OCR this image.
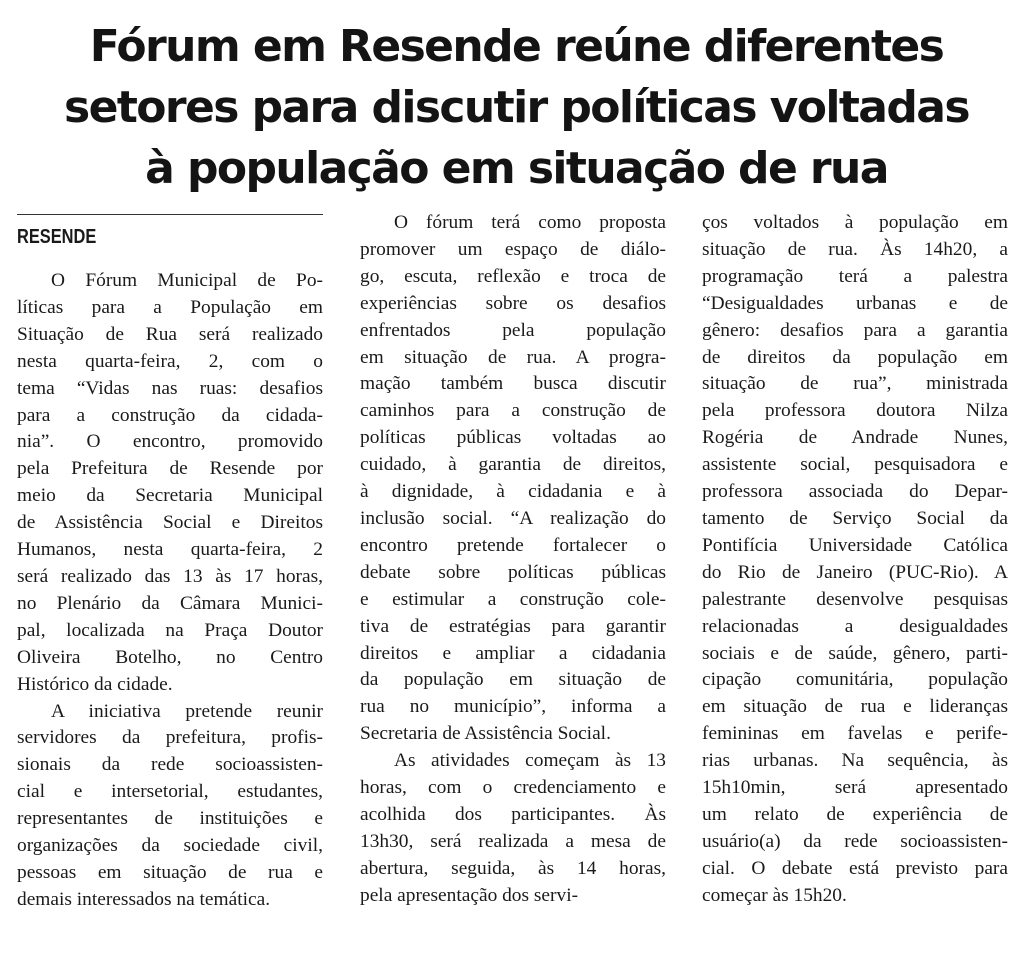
Fórum em Resende reúne diferentes
setores para discutir políticas voltadas
à população em situação de rua
RESENDE

O Fórum Municipal de Po-
líticas para a População em
Situação de Rua será realizado
nesta quarta-feira, 2, com o
tema “Vidas nas ruas: desafios
para a construção da cidada-
nia”. O encontro, promovido
pela Prefeitura de Resende por
meio da Secretaria Municipal
de Assistência Social e Direitos
Humanos, nesta quarta-feira, 2
será realizado das 13 às 17 horas,
no Plenário da Câmara Munici-
pal, localizada na Praça Doutor
Oliveira Botelho, no Centro
Histórico da cidade.

A iniciativa pretende reunir
servidores da prefeitura, profis-
sionais da rede socioassisten-
cial e intersetorial, estudantes,
representantes de instituições e
organizações da sociedade civil,
pessoas em situação de rua e
demais interessados na temática.

O fórum terá como proposta
promover um espaço de diálo-
go, escuta, reflexão e troca de
experiências sobre os desafios
enfrentados pela população
em situação de rua. A progra-
mação também busca discutir
caminhos para a construção de
políticas públicas voltadas ao
cuidado, à garantia de direitos,
à dignidade, à cidadania e à
inclusão social. “A realização do
encontro pretende fortalecer o
debate sobre políticas públicas
e estimular a construção cole-
tiva de estratégias para garantir
direitos e ampliar a cidadania
da população em situação de
rua no município”, informa a
Secretaria de Assistência Social.

As atividades começam às 13
horas, com o credenciamento e
acolhida dos participantes. Às
13h30, será realizada a mesa de
abertura, seguida, às 14 horas,
pela apresentação dos servi-

ços voltados à população em
situação de rua. Às 14h20, a
programação terá a palestra
“Desigualdades urbanas e de
gênero: desafios para a garantia
de direitos da população em
situação de rua”, ministrada
pela professora doutora Nilza
Rogéria de Andrade Nunes,
assistente social, pesquisadora e
professora associada do Depar-
tamento de Serviço Social da
Pontifícia Universidade Católica
do Rio de Janeiro (PUC-Rio). A
palestrante desenvolve pesquisas
relacionadas a desigualdades
sociais e de saúde, gênero, parti-
cipação comunitária, população
em situação de rua e lideranças
femininas em favelas e perife-
rias urbanas. Na sequência, às
15h10min, será apresentado
um relato de experiência de
usuário(a) da rede socioassisten-
cial. O debate está previsto para
começar às 15h20.
